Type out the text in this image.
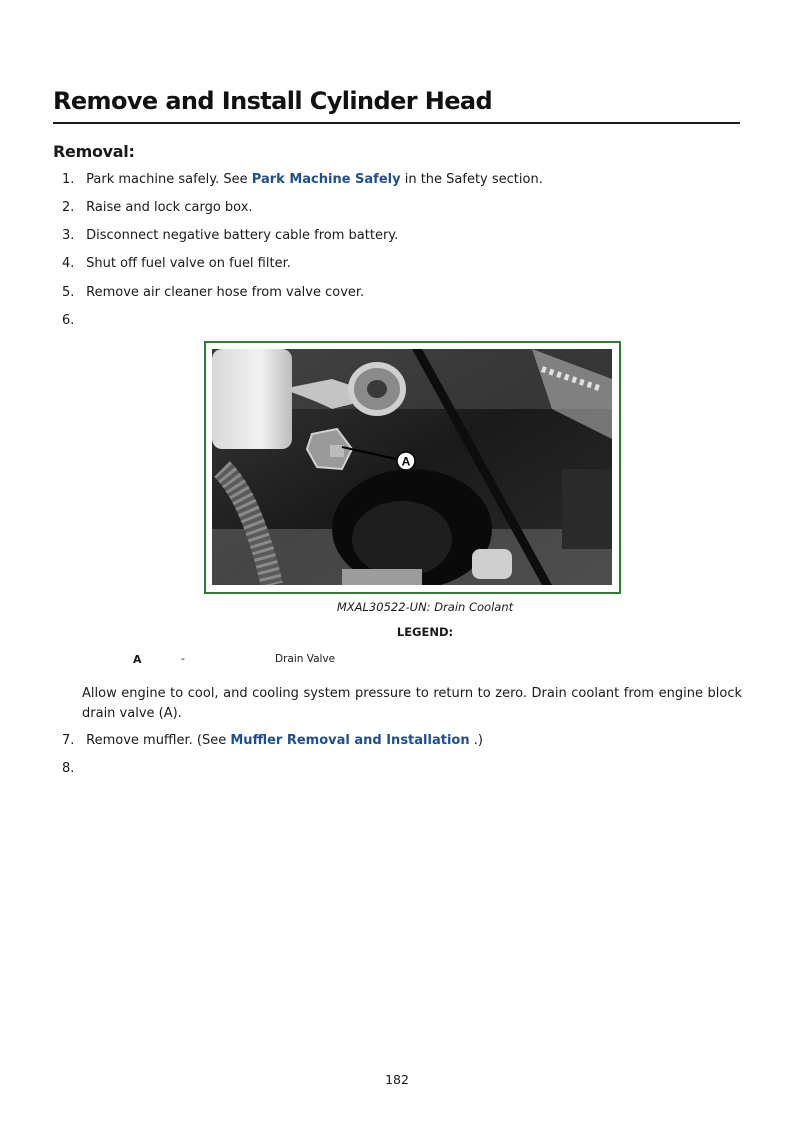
Remove and Install Cylinder Head
Removal:
1. Park machine safely. See Park Machine Safely in the Safety section.
2. Raise and lock cargo box.
3. Disconnect negative battery cable from battery.
4. Shut off fuel valve on fuel filter.
5. Remove air cleaner hose from valve cover.
6.
A
MXAL30522-UN: Drain Coolant
LEGEND:
A	-	Drain Valve
Allow engine to cool, and cooling system pressure to return to zero. Drain coolant from engine block drain valve (A).
7. Remove muffler. (See Muffler Removal and Installation .)
8.
182
